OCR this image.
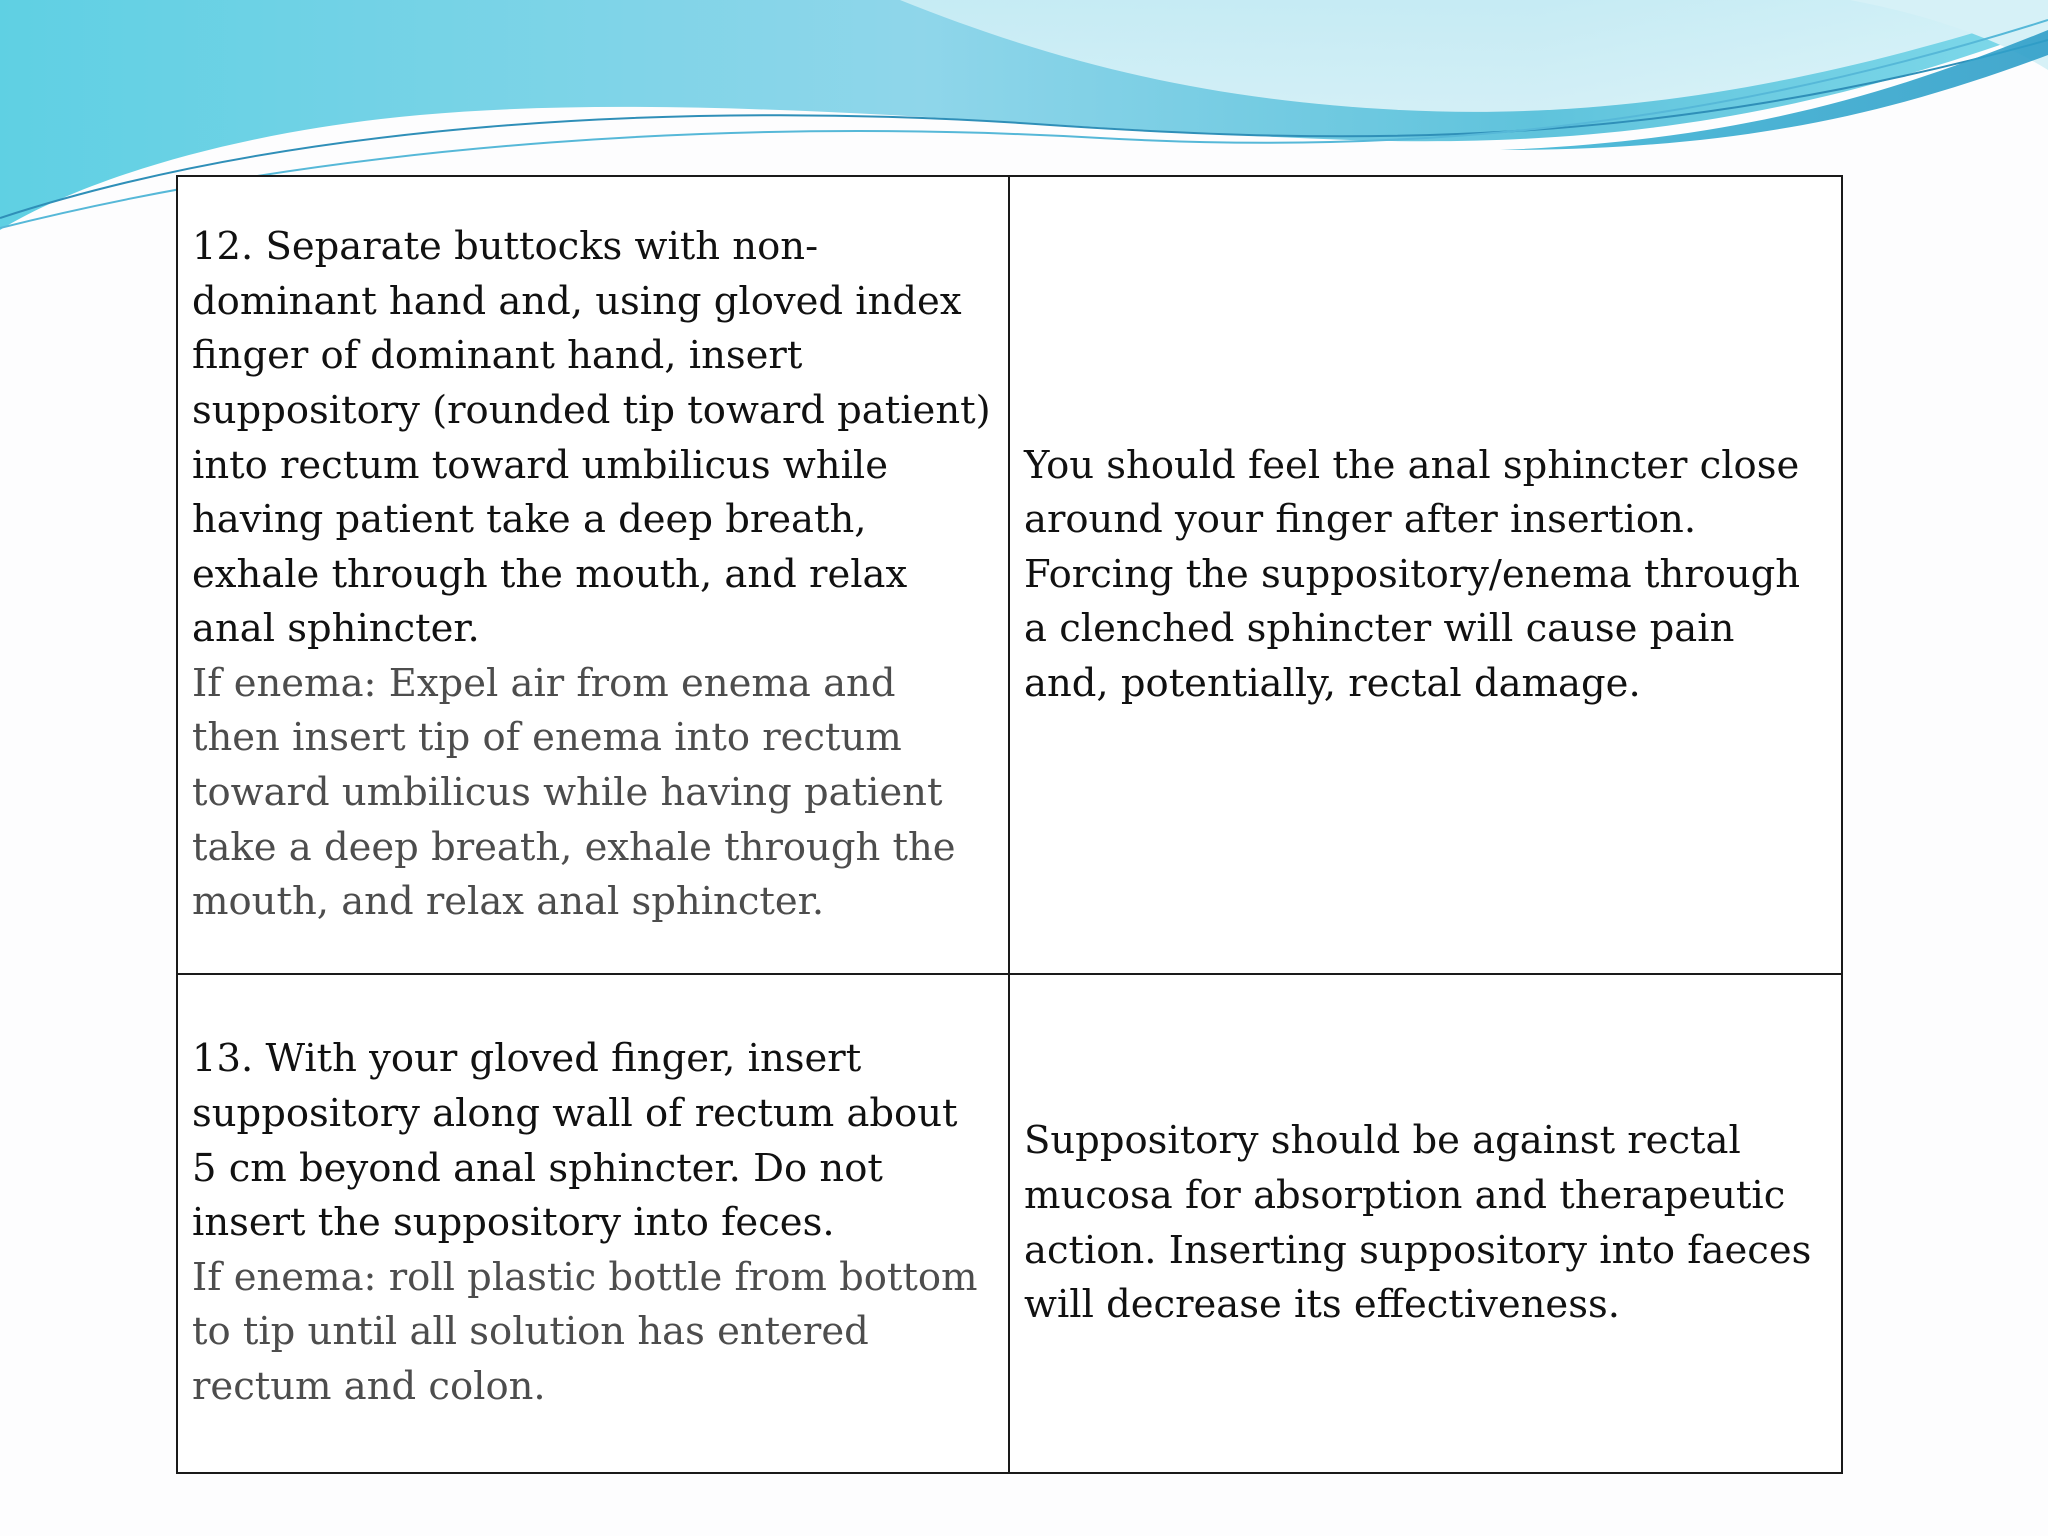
12. Separate buttocks with non-dominant hand and, using gloved index finger of dominant hand, insert suppository (rounded tip toward patient) into rectum toward umbilicus while having patient take a deep breath, exhale through the mouth, and relax anal sphincter.
If enema: Expel air from enema and then insert tip of enema into rectum toward umbilicus while having patient take a deep breath, exhale through the mouth, and relax anal sphincter.	You should feel the anal sphincter close around your finger after insertion. Forcing the suppository/enema through a clenched sphincter will cause pain and, potentially, rectal damage.

13. With your gloved finger, insert suppository along wall of rectum about 5 cm beyond anal sphincter. Do not insert the suppository into feces.
If enema: roll plastic bottle from bottom to tip until all solution has entered rectum and colon.	Suppository should be against rectal mucosa for absorption and therapeutic action. Inserting suppository into faeces will decrease its effectiveness.
